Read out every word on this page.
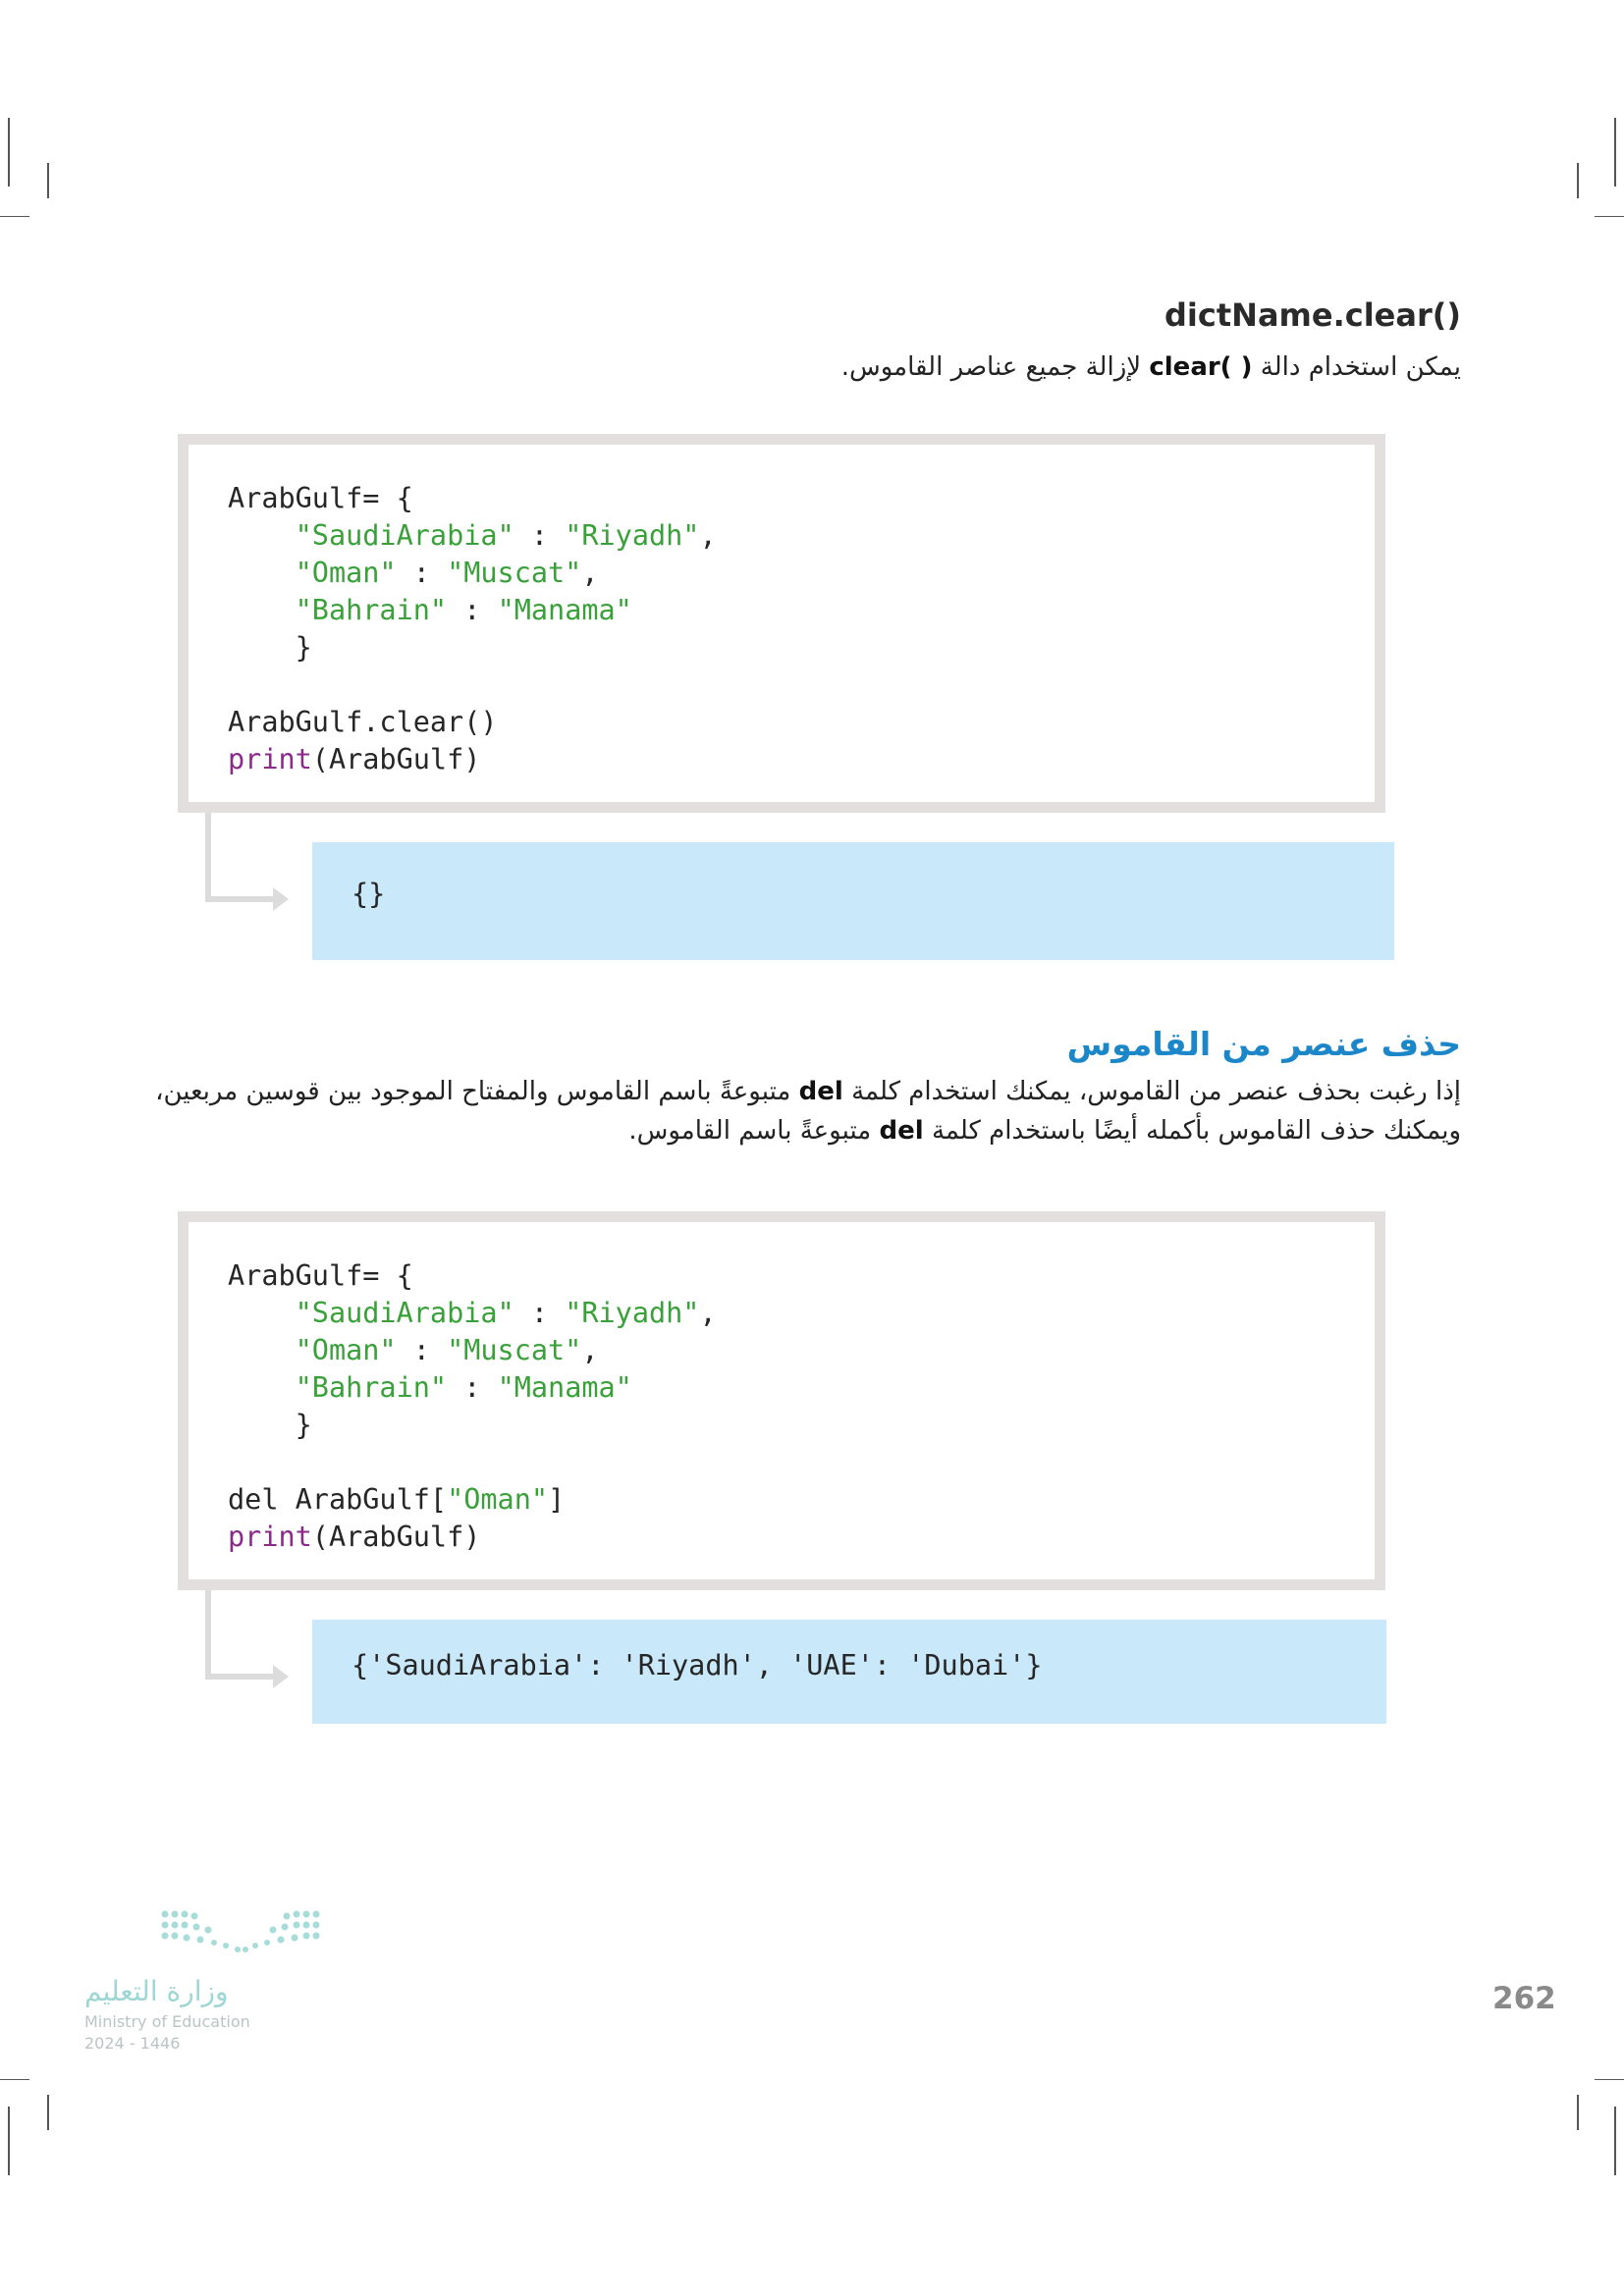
dictName.clear()
يمكن استخدام دالة clear( ) لإزالة جميع عناصر القاموس.
ArabGulf= {
"SaudiArabia" : "Riyadh",
"Oman" : "Muscat",
"Bahrain" : "Manama"
}

ArabGulf.clear()
print(ArabGulf)
{}
حذف عنصر من القاموس
إذا رغبت بحذف عنصر من القاموس، يمكنك استخدام كلمة del متبوعةً باسم القاموس والمفتاح الموجود بين قوسين مربعين،
ويمكنك حذف القاموس بأكمله أيضًا باستخدام كلمة del متبوعةً باسم القاموس.
ArabGulf= {
"SaudiArabia" : "Riyadh",
"Oman" : "Muscat",
"Bahrain" : "Manama"
}

del ArabGulf["Oman"]
print(ArabGulf)
{'SaudiArabia': 'Riyadh', 'UAE': 'Dubai'}
وزارة التعليم
Ministry of Education
2024 - 1446
262
